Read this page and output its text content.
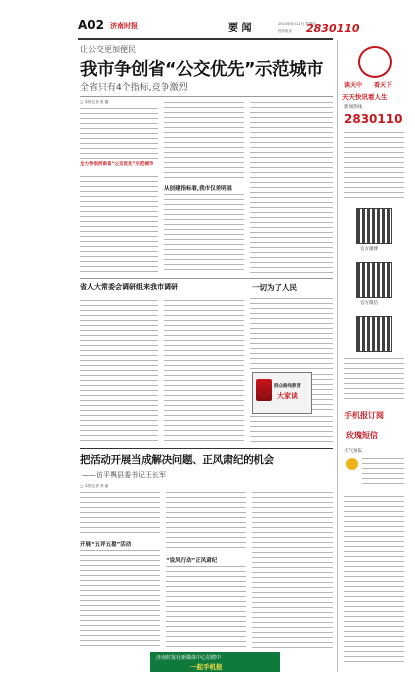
A02 济南时报	要 闻	2014年6月12日 星期四
热线电话 2830110
让公交更加便民
我市争创省“公交优先”示范城市
全省只有4个指标,竞争激烈
□ 本报记者 张 璐
全力争创河南省“公交优先”示范城市
从创建指标看,我市仅差明显
省人大常委会调研组来我市调研	一切为了人民
群众路线教育
大家谈
把活动开展当成解决问题、正风肃纪的机会
——访平舆县委书记王长军
□ 本报记者 李 丽
开展“五评五提”活动
“说风行动”正风肃纪
济南时报社新媒体中心招聘中
一起手机报
读天中 看天下
天天快讯看人生
新闻热线
2830110
官方微博
官方微信
手机报订阅
玫瑰短信
天气预报
